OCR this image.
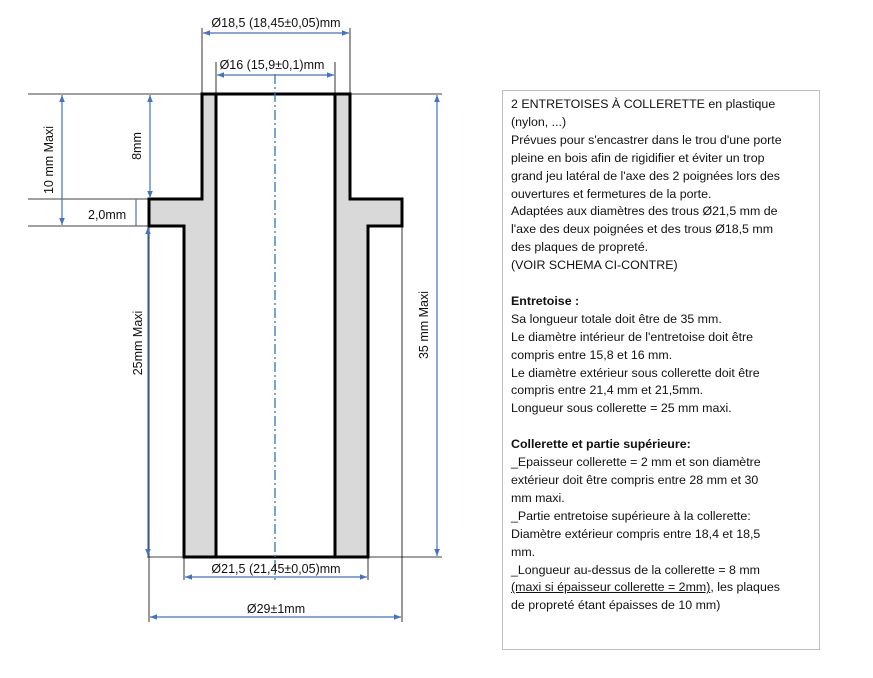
Ø18,5 (18,45±0,05)mm
Ø16 (15,9±0,1)mm
10 mm Maxi	8mm
2,0mm
25mm Maxi	35 mm Maxi
Ø21,5 (21,45±0,05)mm
Ø29±1mm

2 ENTRETOISES À COLLERETTE en plastique

(nylon, ...)

Prévues pour s'encastrer dans le trou d'une porte

pleine en bois afin de rigidifier et éviter un trop

grand jeu latéral de l'axe des 2 poignées lors des

ouvertures et fermetures de la porte.

Adaptées aux diamètres des trous Ø21,5 mm de

l'axe des deux poignées et des trous Ø18,5 mm

des plaques de propreté.

(VOIR SCHEMA CI-CONTRE)

Entretoise :

Sa longueur totale doit être de 35 mm.

Le diamètre intérieur de l'entretoise doit être

compris entre 15,8 et 16 mm.

Le diamètre extérieur sous collerette doit être

compris entre 21,4 mm et 21,5mm.

Longueur sous collerette = 25 mm maxi.

Collerette et partie supérieure:

_Epaisseur collerette = 2 mm et son diamètre

extérieur doit être compris entre 28 mm et 30

mm maxi.

_Partie entretoise supérieure à la collerette:

Diamètre extérieur compris entre 18,4 et 18,5

mm.

_Longueur au-dessus de la collerette = 8 mm

(maxi si épaisseur collerette = 2mm), les plaques

de propreté étant épaisses de 10 mm)
